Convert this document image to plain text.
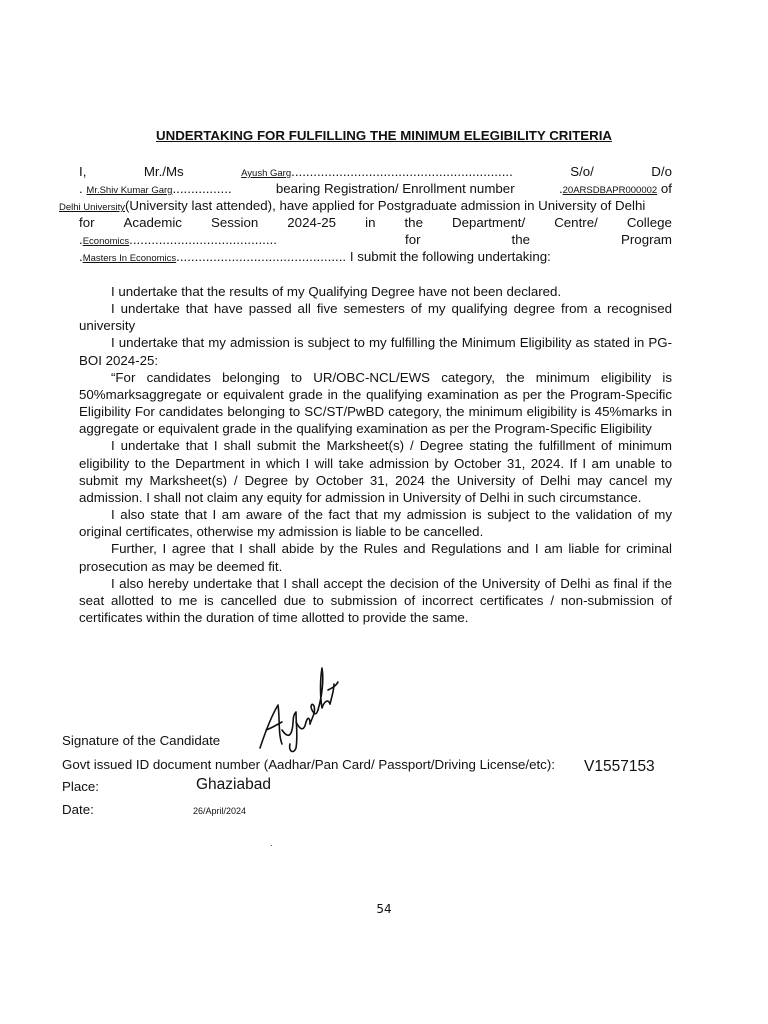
UNDERTAKING FOR FULFILLING THE MINIMUM ELEGIBILITY CRITERIA
I,	Mr./Ms	Ayush Garg............................................................	S/o/	D/o
. Mr.Shiv Kumar Garg................	bearing Registration/ Enrollment number	.20ARSDBAPR000002 of
Delhi University (University last attended), have applied for Postgraduate admission in University of Delhi
for Academic Session 2024-25 in the Department/ Centre/ College
.Economics........................................	for	the	Program
. Masters In Economics ..............................................
I submit the following undertaking:

I undertake that the results of my Qualifying Degree have not been declared.

I undertake that have passed all five semesters of my qualifying degree from a recognised university

I undertake that my admission is subject to my fulfilling the Minimum Eligibility as stated in PG-BOI 2024-25:

“For candidates belonging to UR/OBC-NCL/EWS category, the minimum eligibility is 50%marksaggregate or equivalent grade in the qualifying examination as per the Program-Specific Eligibility For candidates belonging to SC/ST/PwBD category, the minimum eligibility is 45%marks in aggregate or equivalent grade in the qualifying examination as per the Program-Specific Eligibility

I undertake that I shall submit the Marksheet(s) / Degree stating the fulfillment of minimum eligibility to the Department in which I will take admission by October 31, 2024. If I am unable to submit my Marksheet(s) / Degree by October 31, 2024 the University of Delhi may cancel my admission. I shall not claim any equity for admission in University of Delhi in such circumstance.

I also state that I am aware of the fact that my admission is subject to the validation of my original certificates, otherwise my admission is liable to be cancelled.

Further, I agree that I shall abide by the Rules and Regulations and I am liable for criminal prosecution as may be deemed fit.

I also hereby undertake that I shall accept the decision of the University of Delhi as final if the seat allotted to me is cancelled due to submission of incorrect certificates / non-submission of certificates within the duration of time allotted to provide the same.

Signature of the Candidate
Govt issued ID document number (Aadhar/Pan Card/ Passport/Driving License/etc): V1557153
Place:	Ghaziabad
Date:	26/April/2024
.
54
